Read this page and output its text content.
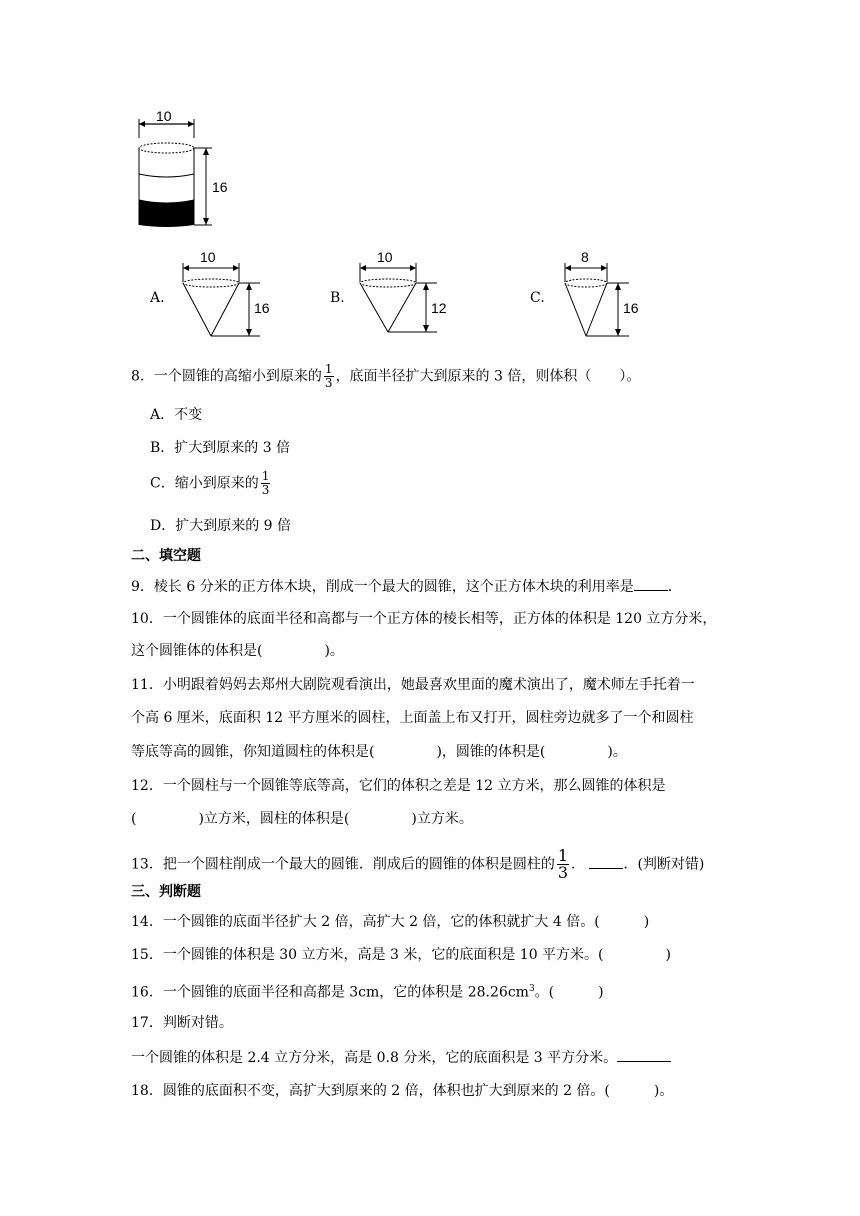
10
16
A.
10
16
B.
10
12
C.
8
16
8．一个圆锥的高缩小到原来的 $\frac{1}{3}$ ，底面半径扩大到原来的 3 倍，则体积（　　）。
A．不变
B．扩大到原来的 3 倍
C．缩小到原来的 $\frac{1}{3}$
D．扩大到原来的 9 倍
二、填空题
9．棱长 6 分米的正方体木块，削成一个最大的圆锥，这个正方体木块的利用率是 ．
10．一个圆锥体的底面半径和高都与一个正方体的棱长相等，正方体的体积是 120 立方分米，
这个圆锥体的体积是(	)。
11．小明跟着妈妈去郑州大剧院观看演出，她最喜欢里面的魔术演出了，魔术师左手托着一
个高 6 厘米，底面积 12 平方厘米的圆柱，上面盖上布又打开，圆柱旁边就多了一个和圆柱
等底等高的圆锥，你知道圆柱的体积是(	)，圆锥的体积是(	)。
12．一个圆柱与一个圆锥等底等高，它们的体积之差是 12 立方米，那么圆锥的体积是
(	)立方米，圆柱的体积是(	)立方米。
13．把一个圆柱削成一个最大的圆锥．削成后的圆锥的体积是圆柱的 $\frac{1}{3}$ ．	．(判断对错)
三、判断题
14．一个圆锥的底面半径扩大 2 倍，高扩大 2 倍，它的体积就扩大 4 倍。(	)
15．一个圆锥的体积是 30 立方米，高是 3 米，它的底面积是 10 平方米。(	)
16．一个圆锥的底面半径和高都是 3cm，它的体积是 $28.26cm^3$。(	)
17．判断对错。
一个圆锥的体积是 2.4 立方分米，高是 0.8 分米，它的底面积是 3 平方分米。
18．圆锥的底面积不变，高扩大到原来的 2 倍，体积也扩大到原来的 2 倍。(	)。
